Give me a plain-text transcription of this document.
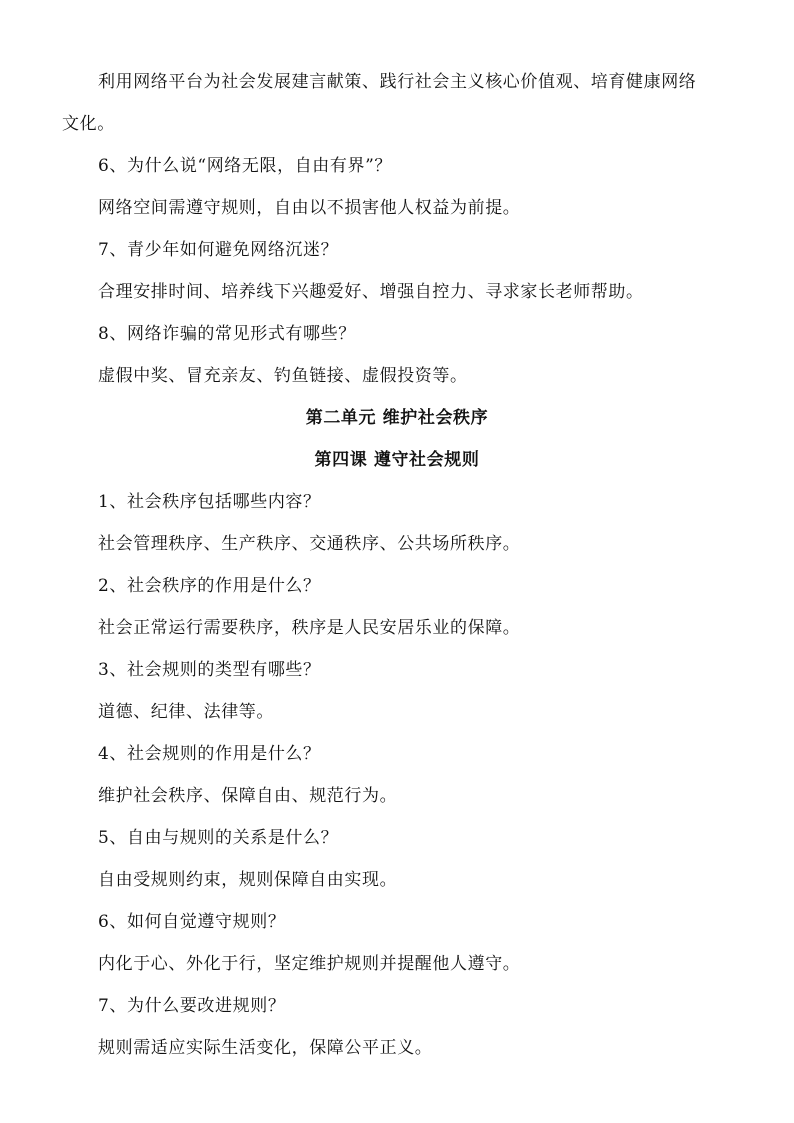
利用网络平台为社会发展建言献策、践行社会主义核心价值观、培育健康网络
文化。
6、为什么说“网络无限，自由有界”？
网络空间需遵守规则，自由以不损害他人权益为前提。
7、青少年如何避免网络沉迷？
合理安排时间、培养线下兴趣爱好、增强自控力、寻求家长老师帮助。
8、网络诈骗的常见形式有哪些？
虚假中奖、冒充亲友、钓鱼链接、虚假投资等。
第二单元 维护社会秩序
第四课 遵守社会规则
1、社会秩序包括哪些内容？
社会管理秩序、生产秩序、交通秩序、公共场所秩序。
2、社会秩序的作用是什么？
社会正常运行需要秩序，秩序是人民安居乐业的保障。
3、社会规则的类型有哪些？
道德、纪律、法律等。
4、社会规则的作用是什么？
维护社会秩序、保障自由、规范行为。
5、自由与规则的关系是什么？
自由受规则约束，规则保障自由实现。
6、如何自觉遵守规则？
内化于心、外化于行，坚定维护规则并提醒他人遵守。
7、为什么要改进规则？
规则需适应实际生活变化，保障公平正义。
